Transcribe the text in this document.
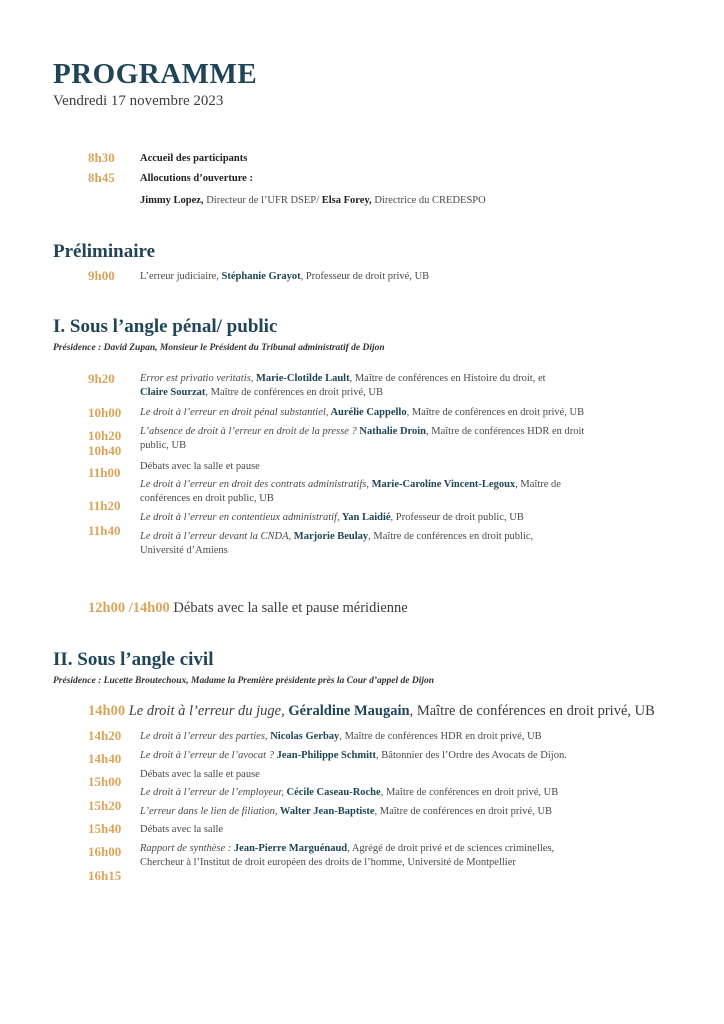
PROGRAMME
Vendredi 17 novembre 2023
8h30
8h45
Accueil des participants
Allocutions d’ouverture :
Jimmy Lopez, Directeur de l’UFR DSEP/ Elsa Forey, Directrice du CREDESPO
Préliminaire
9h00 L’erreur judiciaire, Stéphanie Grayot, Professeur de droit privé, UB
I. Sous l’angle pénal/ public
Présidence : David Zupan, Monsieur le Président du Tribunal administratif de Dijon
9h20
10h00
10h20
10h40
11h00
11h20
11h40
Error est privatio veritatis, Marie-Clotilde Lault, Maître de conférences en Histoire du droit, et
Claire Sourzat, Maître de conférences en droit privé, UB
Le droit à l’erreur en droit pénal substantiel, Aurélie Cappello, Maître de conférences en droit privé, UB
L’absence de droit à l’erreur en droit de la presse ? Nathalie Droin, Maître de conférences HDR en droit
public, UB
Débats avec la salle et pause
Le droit à l’erreur en droit des contrats administratifs, Marie-Caroline Vincent-Legoux, Maître de
conférences en droit public, UB
Le droit à l’erreur en contentieux administratif, Yan Laidié, Professeur de droit public, UB
Le droit à l’erreur devant la CNDA, Marjorie Beulay, Maître de conférences en droit public,
Université d’Amiens
12h00 /14h00 Débats avec la salle et pause méridienne
II. Sous l’angle civil
Présidence : Lucette Broutechoux, Madame la Première présidente près la Cour d’appel de Dijon
14h00 Le droit à l’erreur du juge, Géraldine Maugain, Maître de conférences en droit privé, UB
14h20
14h40
15h00
15h20
15h40
16h00
16h15
Le droit à l’erreur des parties, Nicolas Gerbay, Maître de conférences HDR en droit privé, UB
Le droit à l’erreur de l’avocat ? Jean-Philippe Schmitt, Bâtonnier des l’Ordre des Avocats de Dijon.
Débats avec la salle et pause
Le droit à l’erreur de l’employeur, Cécile Caseau-Roche, Maître de conférences en droit privé, UB
L’erreur dans le lien de filiation, Walter Jean-Baptiste, Maître de conférences en droit privé, UB
Débats avec la salle
Rapport de synthèse : Jean-Pierre Marguénaud, Agrégé de droit privé et de sciences criminelles,
Chercheur à l’Institut de droit européen des droits de l’homme, Université de Montpellier
